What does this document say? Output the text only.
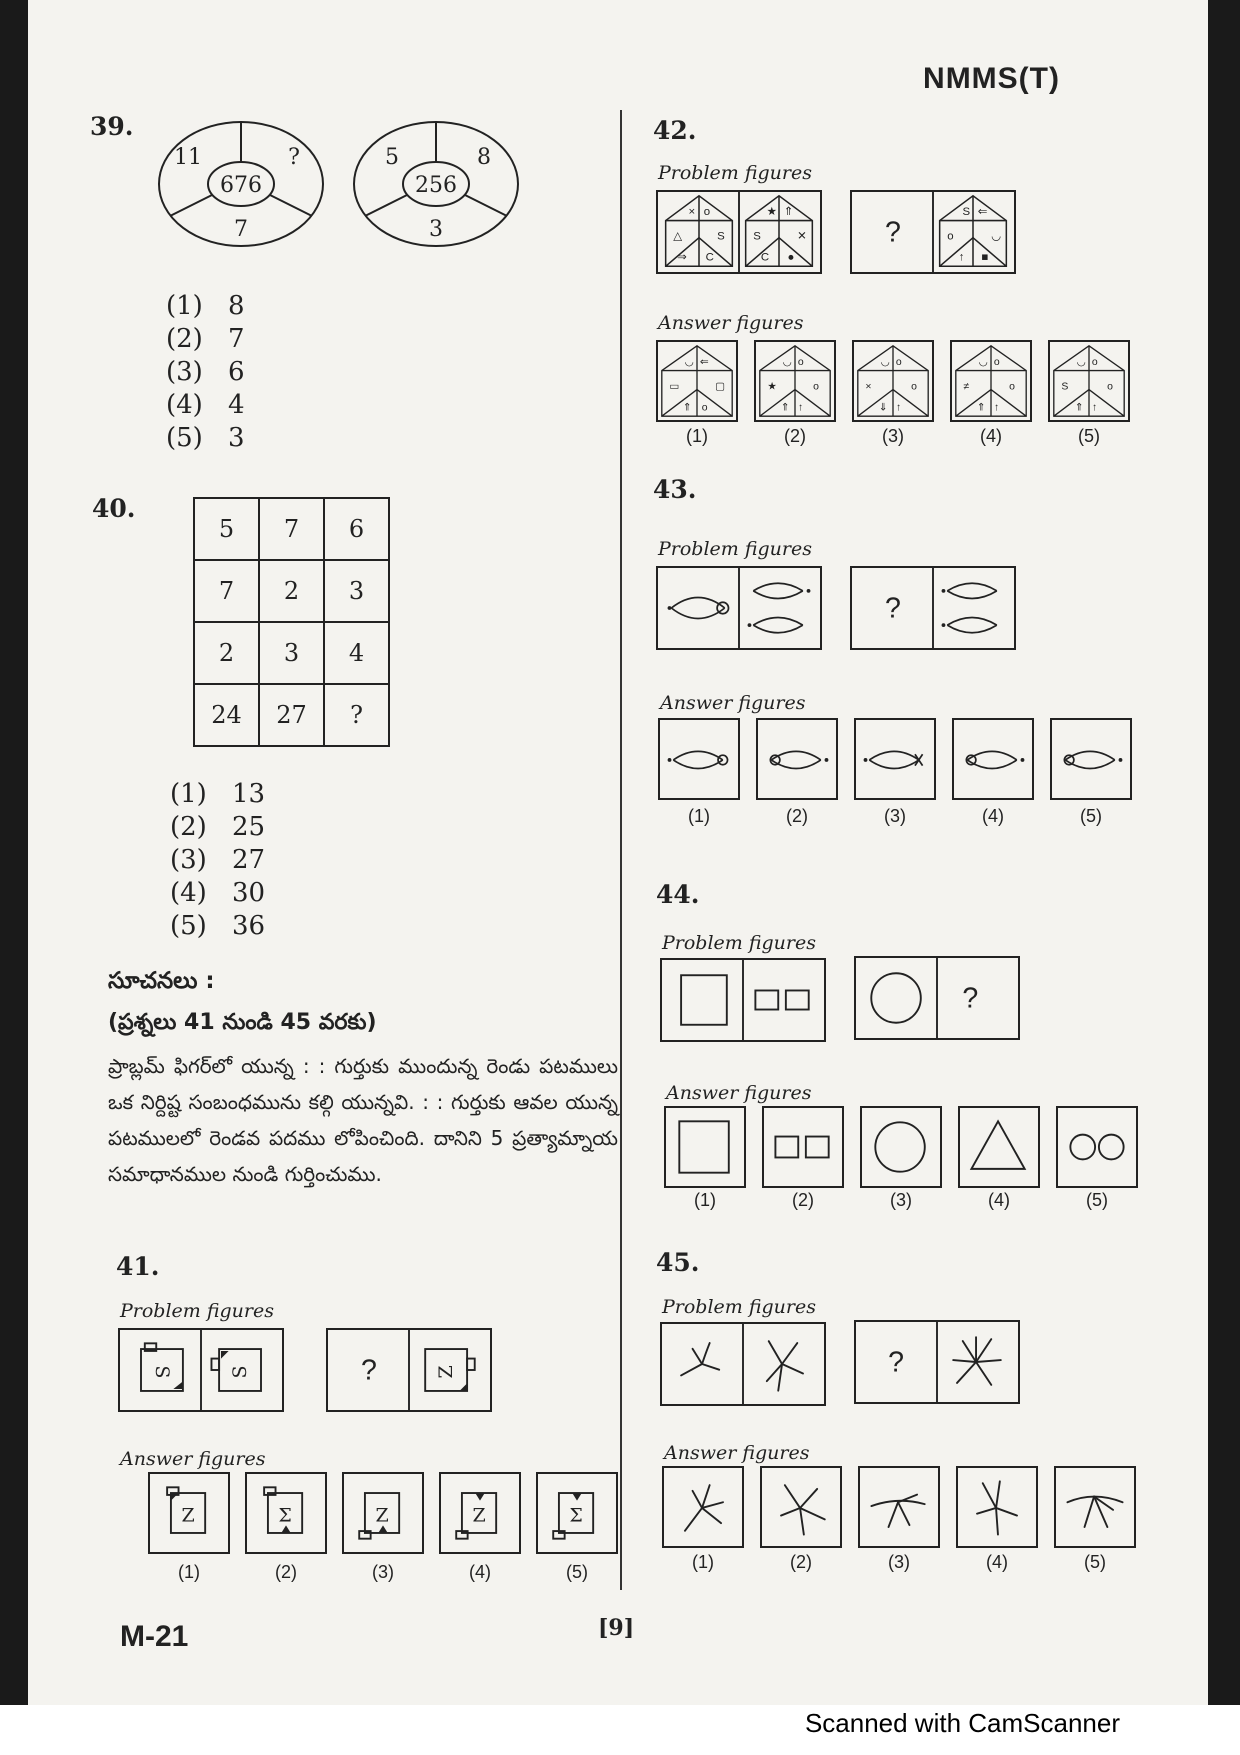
NMMS(T)
39.
676
11	?
7
256
5	8
3
(1) 8
(2) 7
(3) 6
(4) 4
(5) 3
40.
5	7	6
7	2	3
2	3	4
24	27	?
(1) 13
(2) 25
(3) 27
(4) 30
(5) 36
సూచనలు :
(ప్రశ్నలు 41 నుండి 45 వరకు)
ప్రాబ్లమ్ ఫిగర్‌లో యున్న : : గుర్తుకు ముందున్న రెండు పటములు ఒక నిర్దిష్ట సంబంధమును కల్గి యున్నవి. : : గుర్తుకు ఆవల యున్న పటములలో రెండవ పదము లోపించింది. దానిని 5 ప్రత్యామ్నాయ సమాధానముల నుండి గుర్తించుము.
41.
Problem figures
S	S	?	Z
Answer figures
Z	Σ	Z	Z	Σ
(1)	(2)	(3)	(4)	(5)
42.
Problem figures
× o
△	S
⇒ C
★ ⇑
S	✕
C ●
?
S ⇐
o	◡
↑ ■
Answer figures
◡ ⇐
▭	▢
⇑ o
◡ o
★	o
⇑ ↑
◡ o
×	o
⇓ ↑
◡ o
≠	o
⇑ ↑
◡ o
S	o
⇑ ↑
(1)	(2)	(3)	(4)	(5)
43.
Problem figures
?
Answer figures
(1)	(2)	(3)	(4)	(5)
44.
Problem figures
?
Answer figures
(1)	(2)	(3)	(4)	(5)
45.
Problem figures
?
Answer figures
(1)	(2)	(3)	(4)	(5)
M-21	[9]
Scanned with CamScanner
